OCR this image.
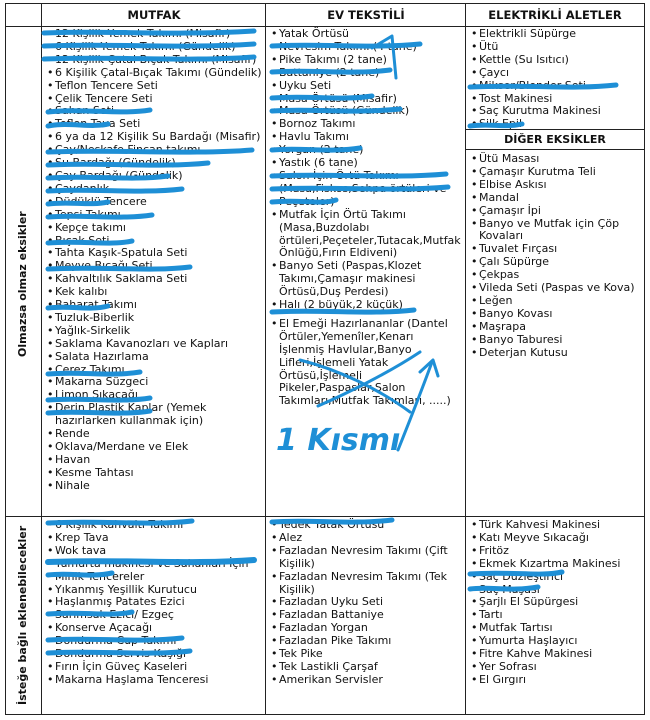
MUTFAK	EV TEKSTİLİ	ELEKTRİKLİ ALETLER
Olmazsa olmaz eksikler
İsteğe bağlı eklenebilecekler
• 12 Kişilik Yemek Takımı (Misafir)
• 6 Kişilik Yemek Takımı (Gündelik)
• 12 Kişilik Çatal-Bıçak Takımı (Misafir)
• 6 Kişilik Çatal-Bıçak Takımı (Gündelik)
• Teflon Tencere Seti
• Çelik Tencere Seti
• Sahan Seti
• Teflon Tava Seti
• 6 ya da 12 Kişilik Su Bardağı (Misafir)
• Çay/Neskafe Fincan takımı
• Su Bardağı (Gündelik)
• Çay Bardağı (Gündelik)
• Çaydanlık
• Düdüklü Tencere
• Tepsi Takımı
• Kepçe takımı
• Bıçak Seti
• Tahta Kaşık-Spatula Seti
• Meyve Bıçağı Seti
• Kahvaltılık Saklama Seti
• Kek kalıbı
• Baharat Takımı
• Tuzluk-Biberlik
• Yağlık-Sirkelik
• Saklama Kavanozları ve Kapları
• Salata Hazırlama
• Çerez Takımı
• Makarna Süzgeci
• Limon Sıkacağı
• Derin Plastik Kaplar (Yemek hazırlarken kullanmak için)
• Rende
• Oklava/Merdane ve Elek
• Havan
• Kesme Tahtası
• Nihale
• Yatak Örtüsü
• Nevresim Takımı (4 tane)
• Pike Takımı (2 tane)
• Battaniye (2 tane)
• Uyku Seti
• Masa Örtüsü (Misafir)
• Masa Örtüsü (Gündelik)
• Bornoz Takımı
• Havlu Takımı
• Yorgan (2 tane)
• Yastık (6 tane)
• Salon İçin Örtü Takımı (Masa,Fiskos,Sehpa örtüleri ve Peçeteler)
• Mutfak İçin Örtü Takımı (Masa,Buzdolabı örtüleri,Peçeteler,Tutacak,Mutfak Önlüğü,Fırın Eldiveni)
• Banyo Seti (Paspas,Klozet Takımı,Çamaşır makinesi Örtüsü,Duş Perdesi)
• Halı (2 büyük,2 küçük)
• El Emeği Hazırlananlar (Dantel Örtüler,Yemenîler,Kenarı İşlenmiş Havlular,Banyo Lifleri,İşlemeli Yatak Örtüsü,İşlemeli Pikeler,Paspaslar,Salon Takımları,Mutfak Takımları, .....)
• Elektrikli Süpürge
• Ütü
• Kettle (Su Isıtıcı)
• Çaycı
• Mikser/Blender Seti
• Tost Makinesi
• Saç Kurutma Makinesi
• Silk Epil
DİĞER EKSİKLER
• Ütü Masası
• Çamaşır Kurutma Teli
• Elbise Askısı
• Mandal
• Çamaşır İpi
• Banyo ve Mutfak için Çöp Kovaları
• Tuvalet Fırçası
• Çalı Süpürge
• Çekpas
• Vileda Seti (Paspas ve Kova)
• Leğen
• Banyo Kovası
• Maşrapa
• Banyo Taburesi
• Deterjan Kutusu
• 6 Kişilik Kahvaltı Takımı
• Krep Tava
• Wok tava
• Yumurta makinesi ve Sahanları İçin Minik Tencereler
• Yıkanmış Yeşillik Kurutucu
• Haşlanmış Patates Ezici
• Sarımsak Ezici/ Ezgeç
• Konserve Açacağı
• Dondurma Cup Takımı
• Dondurma Servis Kaşığı
• Fırın İçin Güveç Kaseleri
• Makarna Haşlama Tenceresi
• Tedek Yatak Örtüsü
• Alez
• Fazladan Nevresim Takımı (Çift Kişilik)
• Fazladan Nevresim Takımı (Tek Kişilik)
• Fazladan Uyku Seti
• Fazladan Battaniye
• Fazladan Yorgan
• Fazladan Pike Takımı
• Tek Pike
• Tek Lastikli Çarşaf
• Amerikan Servisler
• Türk Kahvesi Makinesi
• Katı Meyve Sıkacağı
• Fritöz
• Ekmek Kızartma Makinesi
• Saç Düzleştirici
• Saç Maşası
• Şarjlı El Süpürgesi
• Tartı
• Mutfak Tartısı
• Yumurta Haşlayıcı
• Fitre Kahve Makinesi
• Yer Sofrası
• El Gırgırı
1 Kısmı
